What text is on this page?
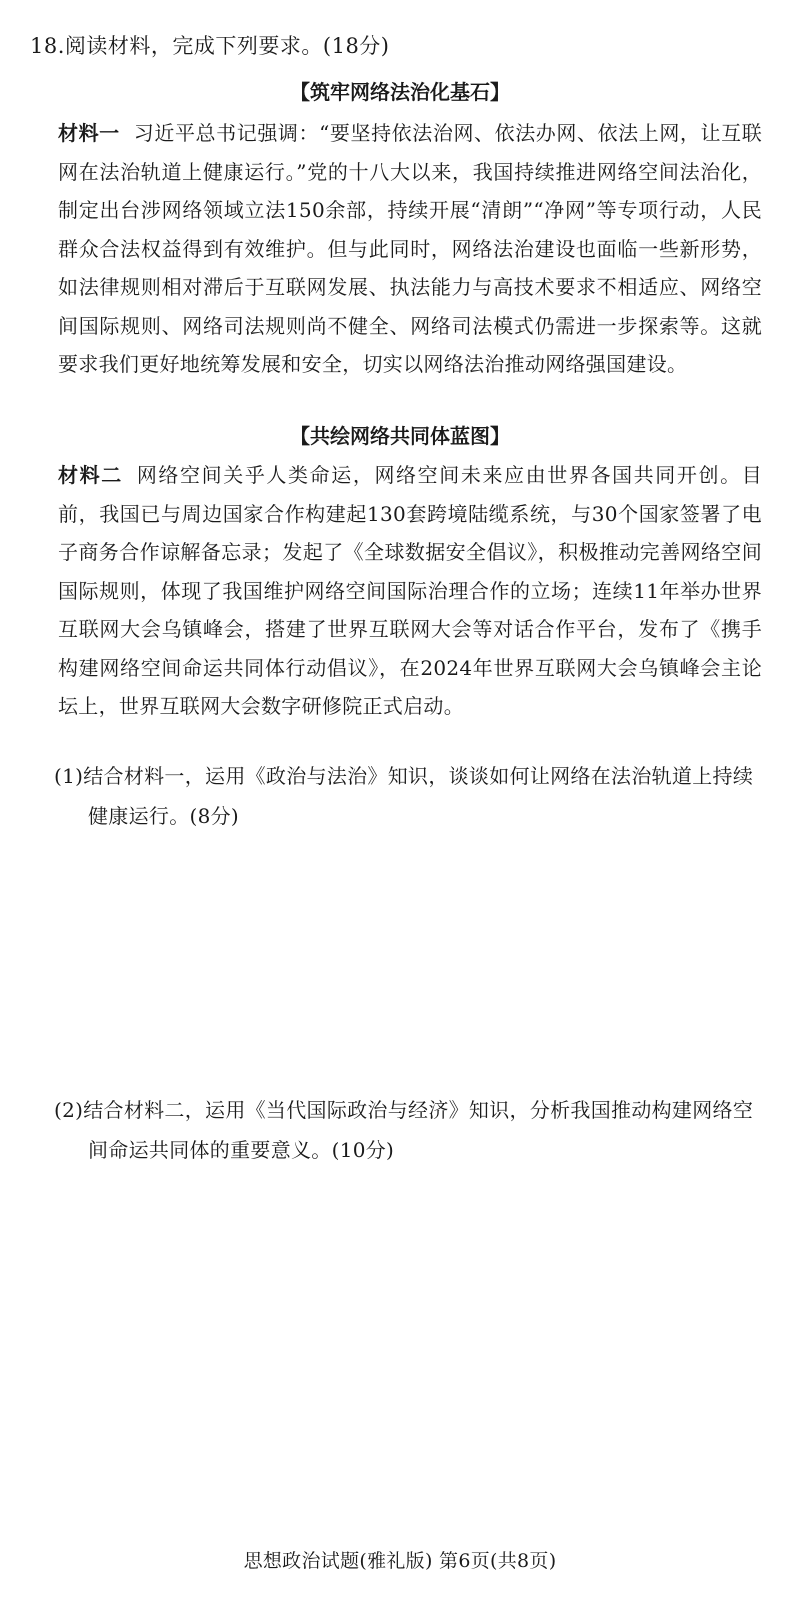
18.阅读材料，完成下列要求。(18分)
【筑牢网络法治化基石】
材料一 习近平总书记强调：“要坚持依法治网、依法办网、依法上网，让互联网在法治轨道上健康运行。”党的十八大以来，我国持续推进网络空间法治化，制定出台涉网络领域立法150余部，持续开展“清朗”“净网”等专项行动，人民群众合法权益得到有效维护。但与此同时，网络法治建设也面临一些新形势，如法律规则相对滞后于互联网发展、执法能力与高技术要求不相适应、网络空间国际规则、网络司法规则尚不健全、网络司法模式仍需进一步探索等。这就要求我们更好地统筹发展和安全，切实以网络法治推动网络强国建设。
【共绘网络共同体蓝图】
材料二 网络空间关乎人类命运，网络空间未来应由世界各国共同开创。目前，我国已与周边国家合作构建起130套跨境陆缆系统，与30个国家签署了电子商务合作谅解备忘录；发起了《全球数据安全倡议》，积极推动完善网络空间国际规则，体现了我国维护网络空间国际治理合作的立场；连续11年举办世界互联网大会乌镇峰会，搭建了世界互联网大会等对话合作平台，发布了《携手构建网络空间命运共同体行动倡议》，在2024年世界互联网大会乌镇峰会主论坛上，世界互联网大会数字研修院正式启动。
(1)结合材料一，运用《政治与法治》知识，谈谈如何让网络在法治轨道上持续
健康运行。(8分)
(2)结合材料二，运用《当代国际政治与经济》知识，分析我国推动构建网络空
间命运共同体的重要意义。(10分)
思想政治试题(雅礼版) 第6页(共8页)
